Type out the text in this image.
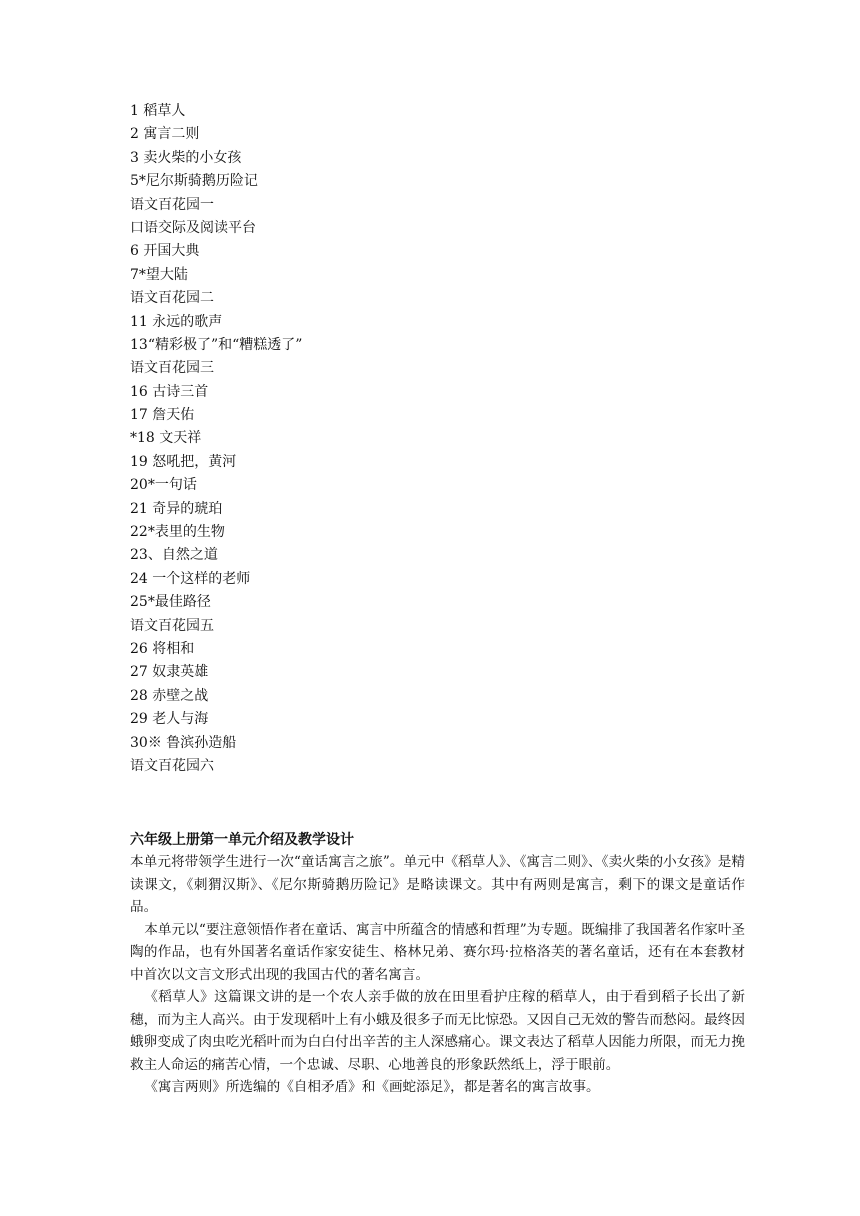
1 稻草人
2 寓言二则
3 卖火柴的小女孩
5*尼尔斯骑鹅历险记
语文百花园一
口语交际及阅读平台
6 开国大典
7*望大陆
语文百花园二
11 永远的歌声
13“精彩极了”和“糟糕透了”
语文百花园三
16 古诗三首
17 詹天佑
*18 文天祥
19 怒吼把，黄河
20*一句话
21 奇异的琥珀
22*表里的生物
23、自然之道
24 一个这样的老师
25*最佳路径
语文百花园五
26 将相和
27 奴隶英雄
28 赤壁之战
29 老人与海
30※ 鲁滨孙造船
语文百花园六
六年级上册第一单元介绍及教学设计

本单元将带领学生进行一次“童话寓言之旅”。单元中《稻草人》、《寓言二则》、《卖火柴的小女孩》是精读课文，《刺猬汉斯》、《尼尔斯骑鹅历险记》是略读课文。其中有两则是寓言，剩下的课文是童话作品。

本单元以“要注意领悟作者在童话、寓言中所蕴含的情感和哲理”为专题。既编排了我国著名作家叶圣陶的作品，也有外国著名童话作家安徒生、格林兄弟、赛尔玛·拉格洛芙的著名童话，还有在本套教材中首次以文言文形式出现的我国古代的著名寓言。

《稻草人》这篇课文讲的是一个农人亲手做的放在田里看护庄稼的稻草人，由于看到稻子长出了新穗，而为主人高兴。由于发现稻叶上有小蛾及很多子而无比惊恐。又因自己无效的警告而愁闷。最终因蛾卵变成了肉虫吃光稻叶而为白白付出辛苦的主人深感痛心。课文表达了稻草人因能力所限，而无力挽救主人命运的痛苦心情，一个忠诚、尽职、心地善良的形象跃然纸上，浮于眼前。

《寓言两则》所选编的《自相矛盾》和《画蛇添足》，都是著名的寓言故事。
